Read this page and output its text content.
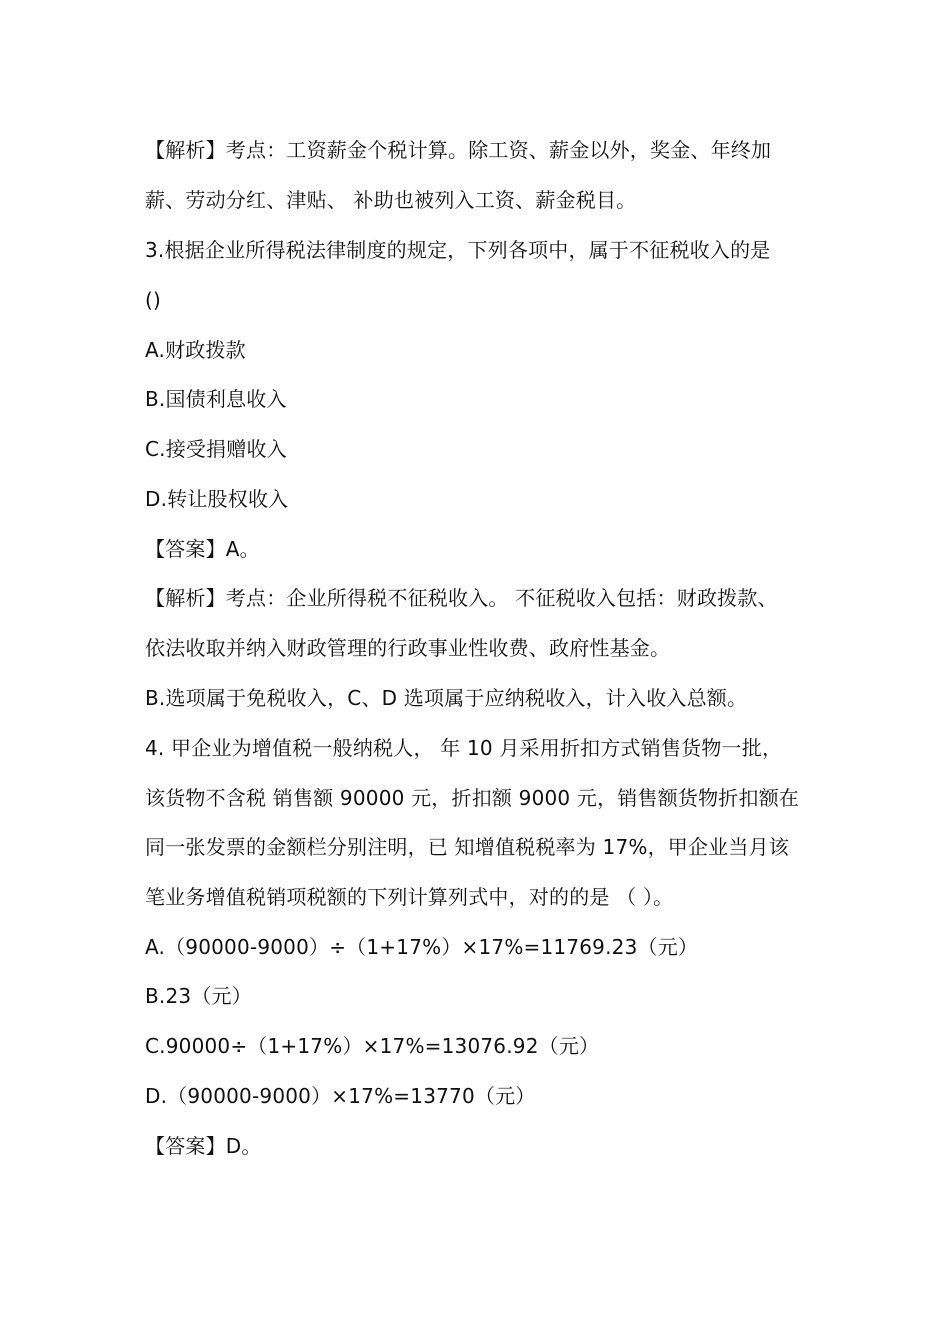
【解析】考点：工资薪金个税计算。除工资、薪金以外，奖金、年终加
薪、劳动分红、津贴、 补助也被列入工资、薪金税目。
3.根据企业所得税法律制度的规定，下列各项中，属于不征税收入的是
()
A.财政拨款
B.国债利息收入
C.接受捐赠收入
D.转让股权收入
【答案】A。
【解析】考点：企业所得税不征税收入。 不征税收入包括：财政拨款、
依法收取并纳入财政管理的行政事业性收费、政府性基金。
B.选项属于免税收入，C、D 选项属于应纳税收入，计入收入总额。
4. 甲企业为增值税一般纳税人， 年 10 月采用折扣方式销售货物一批，
该货物不含税 销售额 90000 元，折扣额 9000 元，销售额货物折扣额在
同一张发票的金额栏分别注明，已 知增值税税率为 17%，甲企业当月该
笔业务增值税销项税额的下列计算列式中，对的的是 （ ）。
A.（90000-9000）÷（1+17%）×17%=11769.23（元）
B.23（元）
C.90000÷（1+17%）×17%=13076.92（元）
D.（90000-9000）×17%=13770（元）
【答案】D。
